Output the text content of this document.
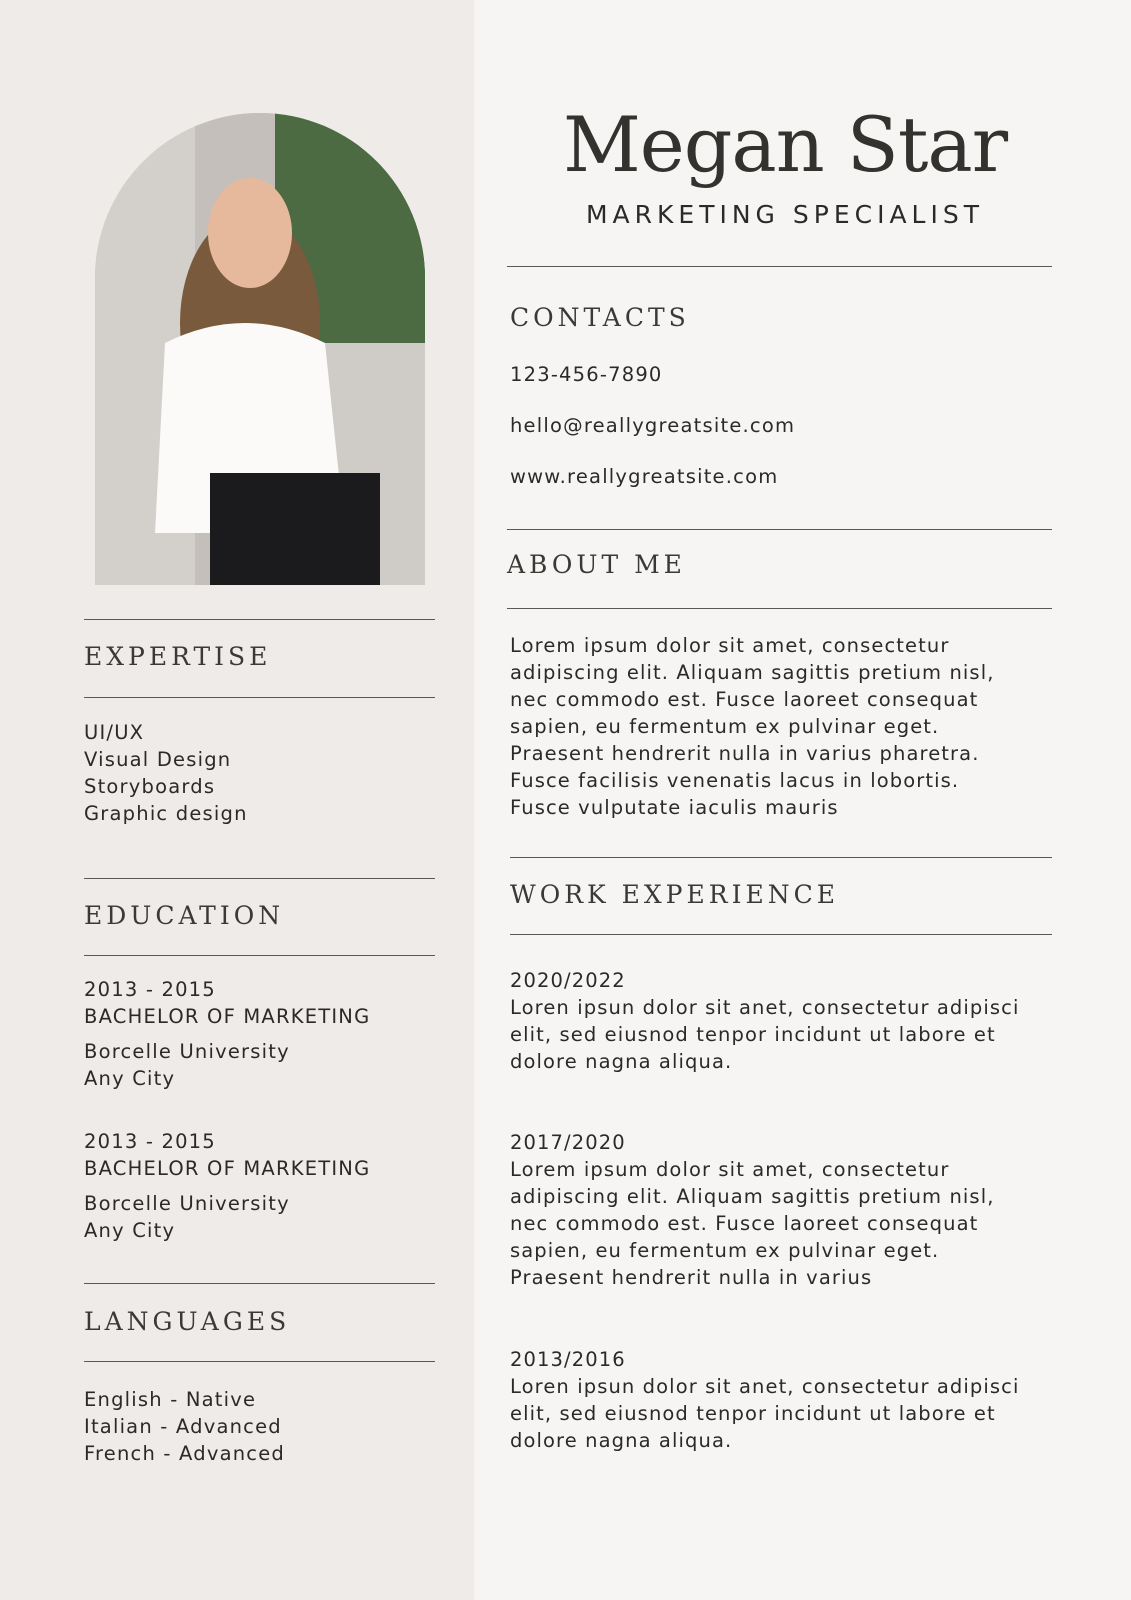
EXPERTISE
UI/UX
Visual Design
Storyboards
Graphic design
EDUCATION
2013 - 2015
BACHELOR OF MARKETING
Borcelle University
Any City
2013 - 2015
BACHELOR OF MARKETING
Borcelle University
Any City
LANGUAGES
English - Native
Italian - Advanced
French - Advanced
Megan Star
MARKETING SPECIALIST
CONTACTS
123-456-7890
hello@reallygreatsite.com
www.reallygreatsite.com
ABOUT ME
Lorem ipsum dolor sit amet, consectetur
adipiscing elit. Aliquam sagittis pretium nisl,
nec commodo est. Fusce laoreet consequat
sapien, eu fermentum ex pulvinar eget.
Praesent hendrerit nulla in varius pharetra.
Fusce facilisis venenatis lacus in lobortis.
Fusce vulputate iaculis mauris
WORK EXPERIENCE
2020/2022
Loren ipsun dolor sit anet, consectetur adipisci
elit, sed eiusnod tenpor incidunt ut labore et
dolore nagna aliqua.
2017/2020
Lorem ipsum dolor sit amet, consectetur
adipiscing elit. Aliquam sagittis pretium nisl,
nec commodo est. Fusce laoreet consequat
sapien, eu fermentum ex pulvinar eget.
Praesent hendrerit nulla in varius
2013/2016
Loren ipsun dolor sit anet, consectetur adipisci
elit, sed eiusnod tenpor incidunt ut labore et
dolore nagna aliqua.
